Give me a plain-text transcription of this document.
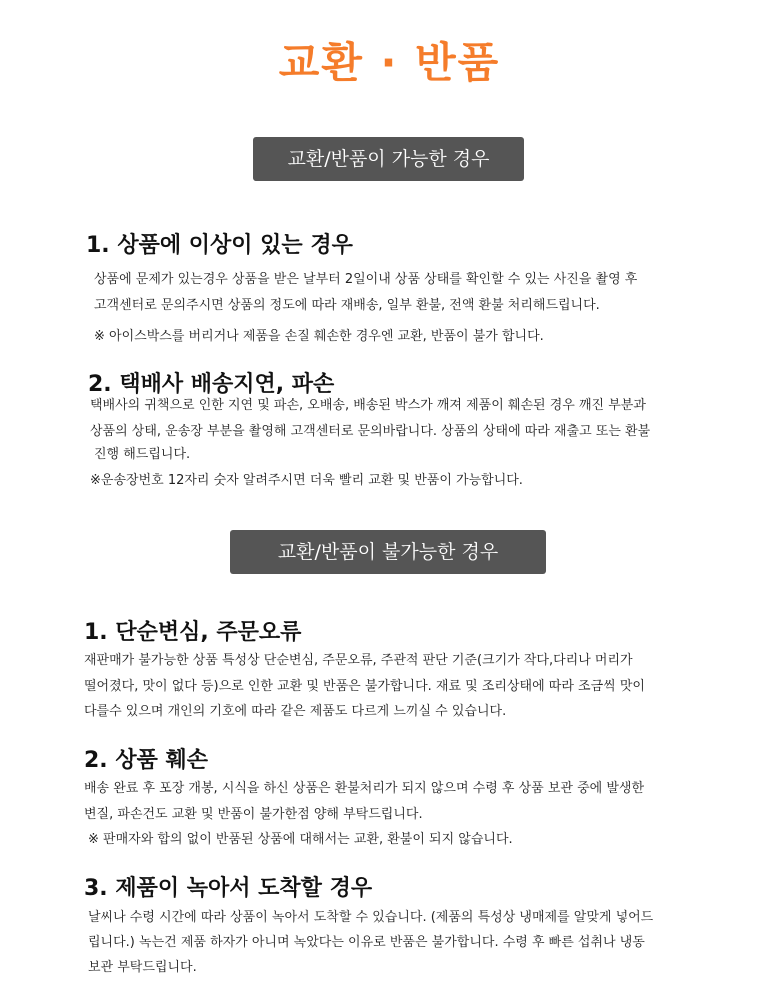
교환 · 반품
교환/반품이 가능한 경우
1. 상품에 이상이 있는 경우
상품에 문제가 있는경우 상품을 받은 날부터 2일이내 상품 상태를 확인할 수 있는 사진을 촬영 후
고객센터로 문의주시면 상품의 정도에 따라 재배송, 일부 환불, 전액 환불 처리해드립니다.
※ 아이스박스를 버리거나 제품을 손질 훼손한 경우엔 교환, 반품이 불가 합니다.
2. 택배사 배송지연, 파손
택배사의 귀책으로 인한 지연 및 파손, 오배송, 배송된 박스가 깨져 제품이 훼손된 경우 깨진 부분과
상품의 상태, 운송장 부분을 촬영해 고객센터로 문의바랍니다. 상품의 상태에 따라 재출고 또는 환불
진행 해드립니다.
※운송장번호 12자리 숫자 알려주시면 더욱 빨리 교환 및 반품이 가능합니다.
교환/반품이 불가능한 경우
1. 단순변심, 주문오류
재판매가 불가능한 상품 특성상 단순변심, 주문오류, 주관적 판단 기준(크기가 작다,다리나 머리가
떨어졌다, 맛이 없다 등)으로 인한 교환 및 반품은 불가합니다. 재료 및 조리상태에 따라 조금씩 맛이
다를수 있으며 개인의 기호에 따라 같은 제품도 다르게 느끼실 수 있습니다.
2. 상품 훼손
배송 완료 후 포장 개봉, 시식을 하신 상품은 환불처리가 되지 않으며 수령 후 상품 보관 중에 발생한
변질, 파손건도 교환 및 반품이 불가한점 양해 부탁드립니다.
※ 판매자와 합의 없이 반품된 상품에 대해서는 교환, 환불이 되지 않습니다.
3. 제품이 녹아서 도착할 경우
날씨나 수령 시간에 따라 상품이 녹아서 도착할 수 있습니다. (제품의 특성상 냉매제를 알맞게 넣어드
립니다.) 녹는건 제품 하자가 아니며 녹았다는 이유로 반품은 불가합니다. 수령 후 빠른 섭취나 냉동
보관 부탁드립니다.
